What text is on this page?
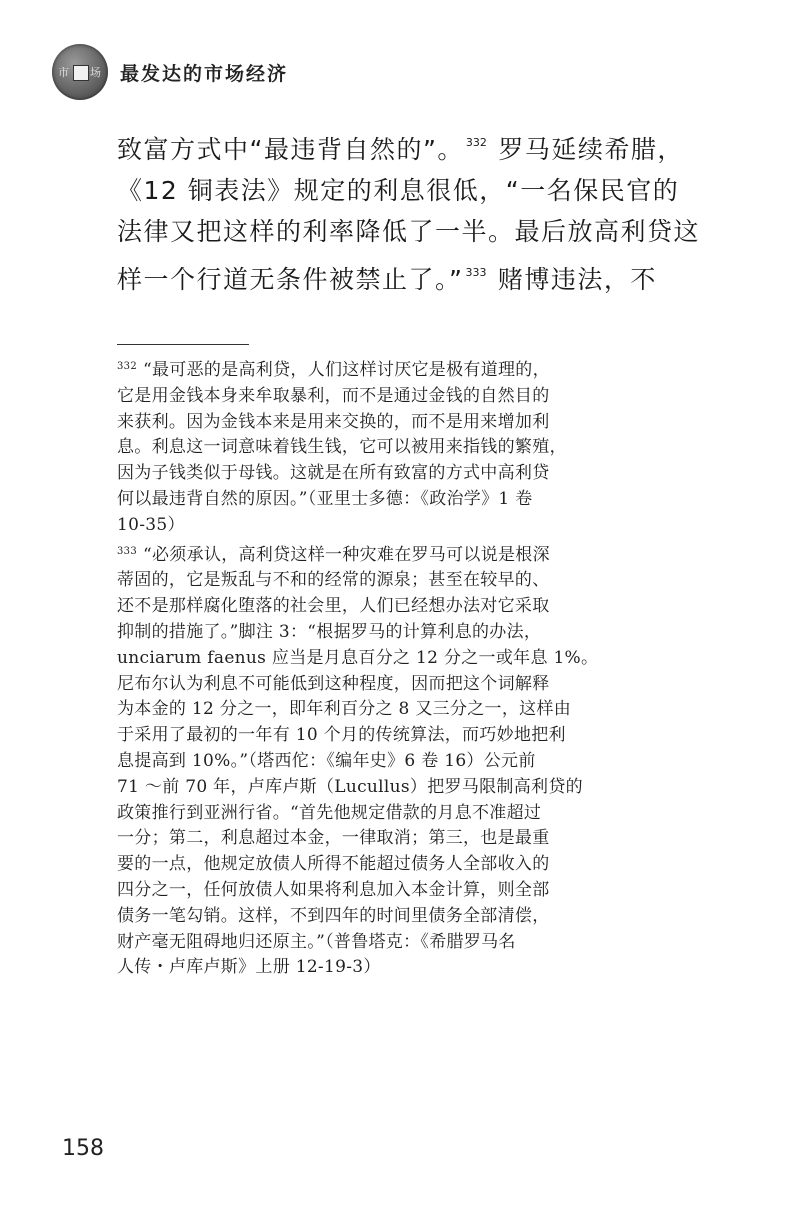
市 场 最发达的市场经济

致富方式中“最违背自然的”。 $^{332}$ 罗马延续希腊，

《12 铜表法》规定的利息很低，“一名保民官的

法律又把这样的利率降低了一半。最后放高利贷这

样一个行道无条件被禁止了。” $^{333}$ 赌博违法，不

$^{332}$ “最可恶的是高利贷，人们这样讨厌它是极有道理的，

它是用金钱本身来牟取暴利，而不是通过金钱的自然目的

来获利。因为金钱本来是用来交换的，而不是用来增加利

息。利息这一词意味着钱生钱，它可以被用来指钱的繁殖，

因为子钱类似于母钱。这就是在所有致富的方式中高利贷

何以最违背自然的原因。”（亚里士多德：《政治学》1 卷

10-35）

$^{333}$ “必须承认，高利贷这样一种灾难在罗马可以说是根深

蒂固的，它是叛乱与不和的经常的源泉；甚至在较早的、

还不是那样腐化堕落的社会里，人们已经想办法对它采取

抑制的措施了。”脚注 3：“根据罗马的计算利息的办法，

unciarum faenus 应当是月息百分之 12 分之一或年息 1%。

尼布尔认为利息不可能低到这种程度，因而把这个词解释

为本金的 12 分之一，即年利百分之 8 又三分之一，这样由

于采用了最初的一年有 10 个月的传统算法，而巧妙地把利

息提高到 10%。”（塔西佗：《编年史》6 卷 16）公元前

71 ～前 70 年，卢库卢斯（Lucullus）把罗马限制高利贷的

政策推行到亚洲行省。“首先他规定借款的月息不准超过

一分；第二，利息超过本金，一律取消；第三，也是最重

要的一点，他规定放债人所得不能超过债务人全部收入的

四分之一，任何放债人如果将利息加入本金计算，则全部

债务一笔勾销。这样，不到四年的时间里债务全部清偿，

财产毫无阻碍地归还原主。”（普鲁塔克：《希腊罗马名

人传・卢库卢斯》上册 12-19-3）

158
